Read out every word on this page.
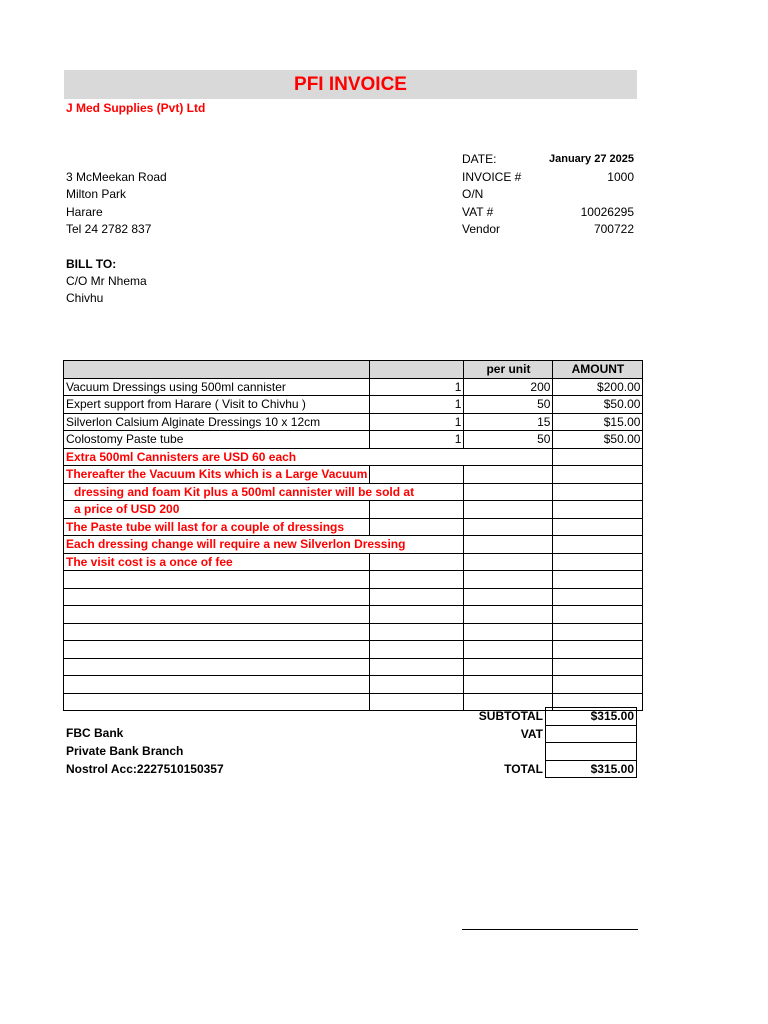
PFI INVOICE
J Med Supplies (Pvt) Ltd
3 McMeekan Road
Milton Park
Harare
Tel 24 2782 837
DATE:	January 27 2025
INVOICE #	1000
O/N
VAT #	10026295
Vendor	700722
BILL TO:
C/O Mr Nhema
Chivhu
		per unit	AMOUNT
Vacuum Dressings using 500ml cannister	1	200	$200.00
Expert support from Harare ( Visit to Chivhu )	1	50	$50.00
Silverlon Calsium Alginate Dressings 10 x 12cm	1	15	$15.00
Colostomy Paste tube	1	50	$50.00
Extra 500ml Cannisters are USD 60 each			
Thereafter the Vacuum Kits which is a Large Vacuum			
dressing and foam Kit plus a 500ml cannister will be sold at			
a price of USD 200			
The Paste tube will last for a couple of dressings			
Each dressing change will require a new Silverlon Dressing			
The visit cost is a once of fee			

SUBTOTAL	$315.00
VAT	

TOTAL	$315.00
FBC Bank
Private Bank Branch
Nostrol Acc:2227510150357
